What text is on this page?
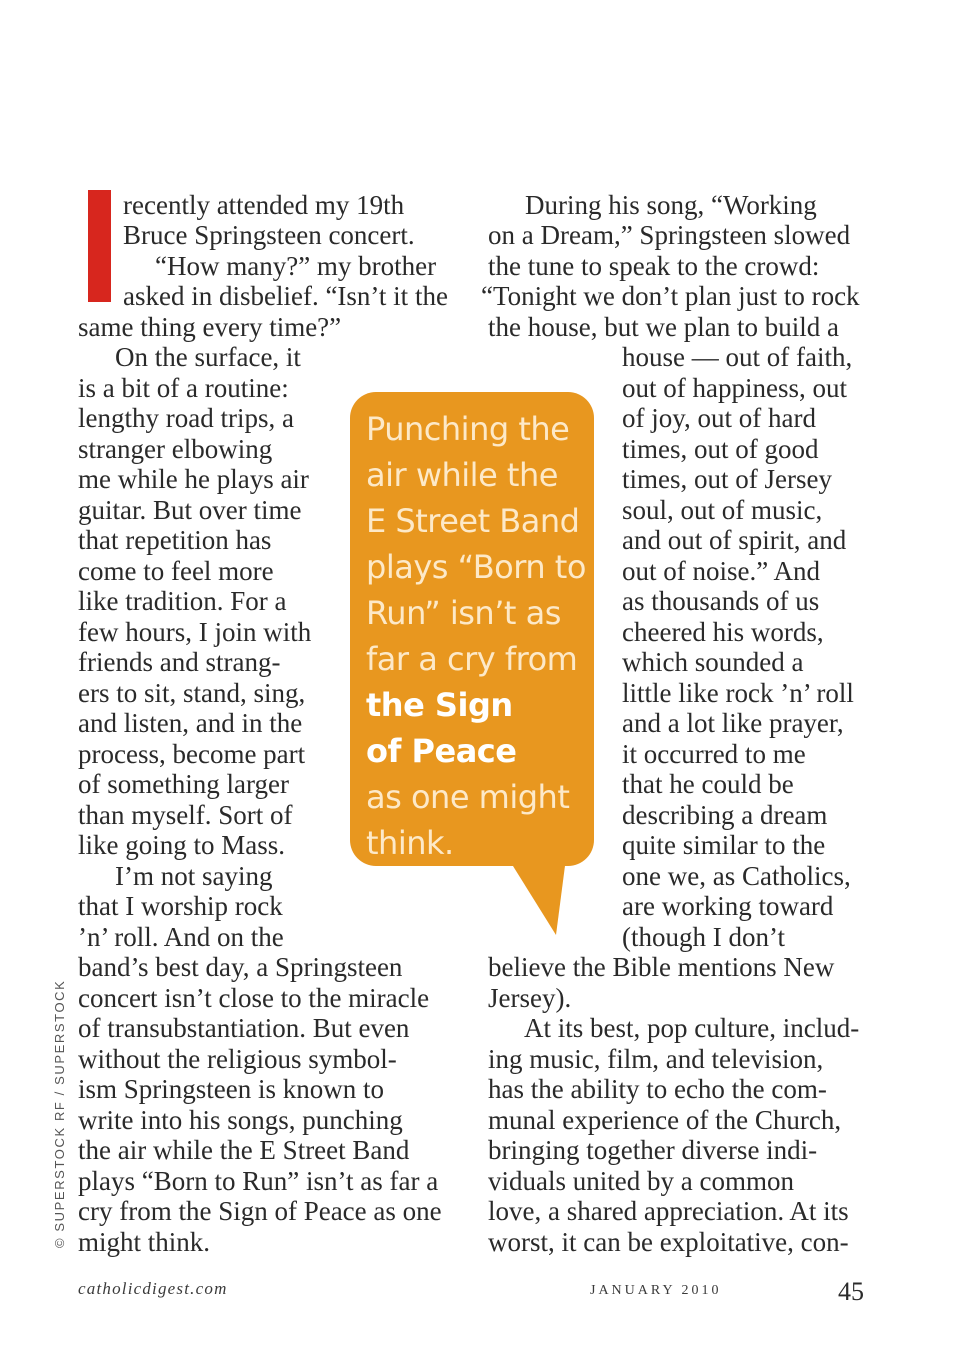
recently attended my 19th
Bruce Springsteen concert.
“How many?” my brother
asked in disbelief. “Isn’t it the
same thing every time?”
On the surface, it
is a bit of a routine:
lengthy road trips, a
stranger elbowing
me while he plays air
guitar. But over time
that repetition has
come to feel more
like tradition. For a
few hours, I join with
friends and strang-
ers to sit, stand, sing,
and listen, and in the
process, become part
of something larger
than myself. Sort of
like going to Mass.
I’m not saying
that I worship rock
’n’ roll. And on the
band’s best day, a Springsteen
concert isn’t close to the miracle
of transubstantiation. But even
without the religious symbol-
ism Springsteen is known to
write into his songs, punching
the air while the E Street Band
plays “Born to Run” isn’t as far a
cry from the Sign of Peace as one
might think.
During his song, “Working
on a Dream,” Springsteen slowed
the tune to speak to the crowd:
“Tonight we don’t plan just to rock
the house, but we plan to build a
house — out of faith,
out of happiness, out
of joy, out of hard
times, out of good
times, out of Jersey
soul, out of music,
and out of spirit, and
out of noise.” And
as thousands of us
cheered his words,
which sounded a
little like rock ’n’ roll
and a lot like prayer,
it occurred to me
that he could be
describing a dream
quite similar to the
one we, as Catholics,
are working toward
(though I don’t
believe the Bible mentions New
Jersey).
At its best, pop culture, includ-
ing music, film, and television,
has the ability to echo the com-
munal experience of the Church,
bringing together diverse indi-
viduals united by a common
love, a shared appreciation. At its
worst, it can be exploitative, con-
Punching the
air while the
E Street Band
plays “Born to
Run” isn’t as
far a cry from
the Sign
of Peace
as one might
think.
© SUPERSTOCK RF / SUPERSTOCK
catholicdigest.com	JANUARY 2010	45
